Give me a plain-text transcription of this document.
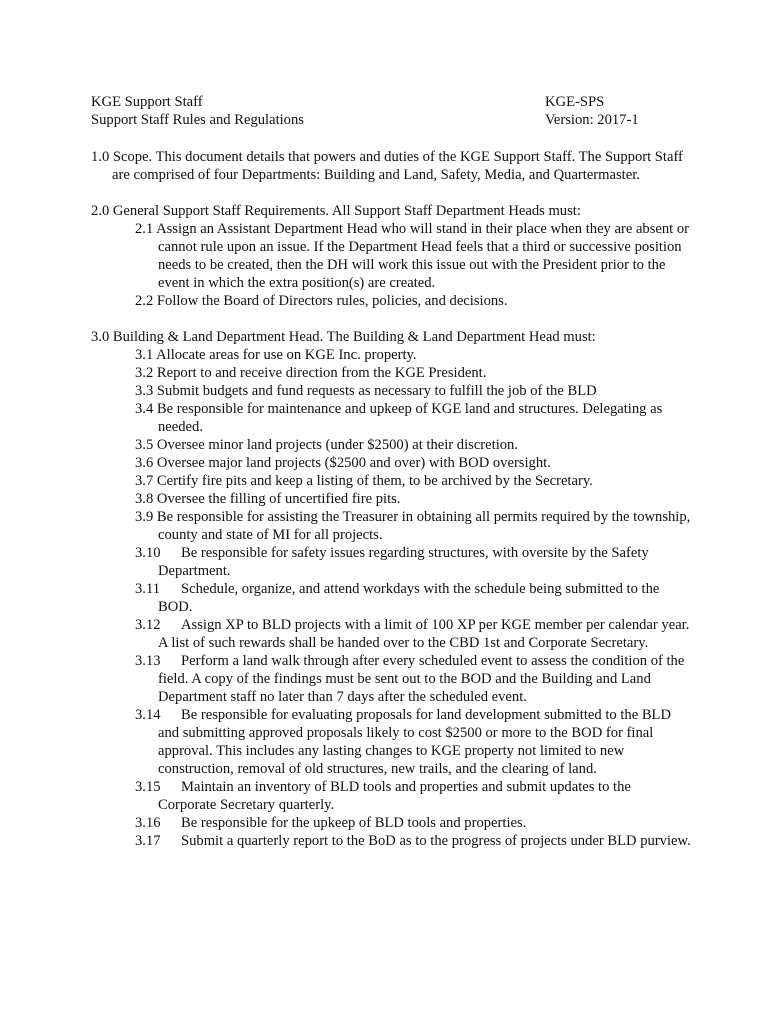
KGE Support Staff	KGE-SPS
Support Staff Rules and Regulations	Version: 2017-1
1.0 Scope. This document details that powers and duties of the KGE Support Staff. The Support Staff are comprised of four Departments: Building and Land, Safety, Media, and Quartermaster.
2.0 General Support Staff Requirements. All Support Staff Department Heads must:
2.1 Assign an Assistant Department Head who will stand in their place when they are absent or cannot rule upon an issue. If the Department Head feels that a third or successive position needs to be created, then the DH will work this issue out with the President prior to the event in which the extra position(s) are created.
2.2 Follow the Board of Directors rules, policies, and decisions.
3.0 Building & Land Department Head. The Building & Land Department Head must:
3.1 Allocate areas for use on KGE Inc. property.
3.2 Report to and receive direction from the KGE President.
3.3 Submit budgets and fund requests as necessary to fulfill the job of the BLD
3.4 Be responsible for maintenance and upkeep of KGE land and structures. Delegating as needed.
3.5 Oversee minor land projects (under $2500) at their discretion.
3.6 Oversee major land projects ($2500 and over) with BOD oversight.
3.7 Certify fire pits and keep a listing of them, to be archived by the Secretary.
3.8 Oversee the filling of uncertified fire pits.
3.9 Be responsible for assisting the Treasurer in obtaining all permits required by the township, county and state of MI for all projects.
3.10 Be responsible for safety issues regarding structures, with oversite by the Safety Department.
3.11 Schedule, organize, and attend workdays with the schedule being submitted to the BOD.
3.12 Assign XP to BLD projects with a limit of 100 XP per KGE member per calendar year. A list of such rewards shall be handed over to the CBD 1st and Corporate Secretary.
3.13 Perform a land walk through after every scheduled event to assess the condition of the field. A copy of the findings must be sent out to the BOD and the Building and Land Department staff no later than 7 days after the scheduled event.
3.14 Be responsible for evaluating proposals for land development submitted to the BLD and submitting approved proposals likely to cost $2500 or more to the BOD for final approval. This includes any lasting changes to KGE property not limited to new construction, removal of old structures, new trails, and the clearing of land.
3.15 Maintain an inventory of BLD tools and properties and submit updates to the Corporate Secretary quarterly.
3.16 Be responsible for the upkeep of BLD tools and properties.
3.17 Submit a quarterly report to the BoD as to the progress of projects under BLD purview.
